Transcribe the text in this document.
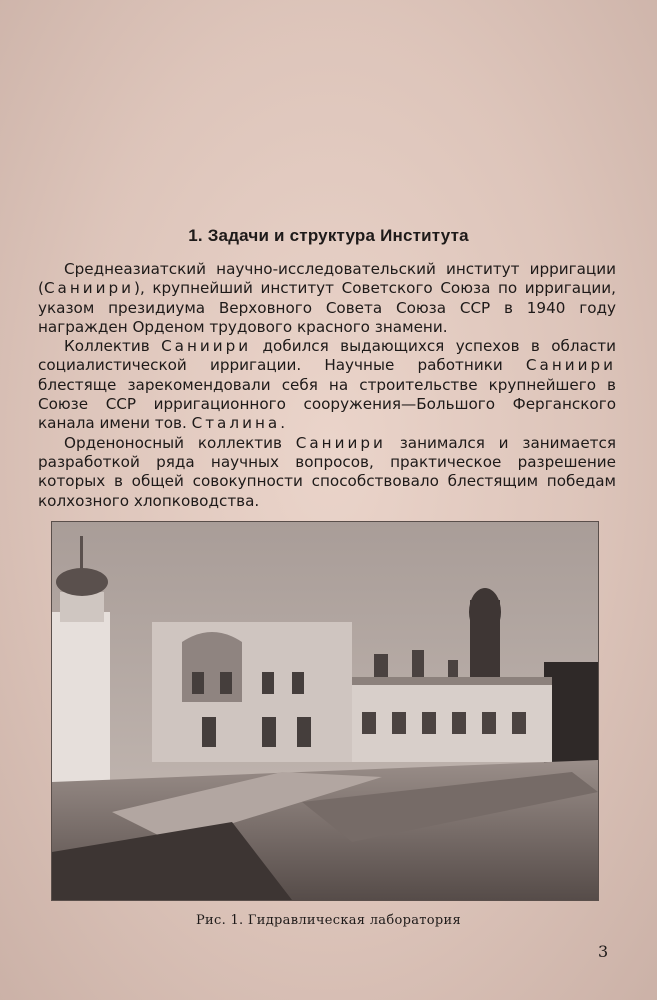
1. Задачи и структура Института

Среднеазиатский научно-исследовательский институт ирригации (Саниири), крупнейший институт Советского Союза по ирригации, указом президиума Верховного Совета Союза ССР в 1940 году награжден Орденом трудового красного знамени.

Коллектив Саниири добился выдающихся успехов в области социалистической ирригации. Научные работники Саниири блестяще зарекомендовали себя на строительстве крупнейшего в Союзе ССР ирригационного сооружения—Большого Ферганского канала имени тов. Сталина.

Орденоносный коллектив Саниири занимался и занимается разработкой ряда научных вопросов, практическое разрешение которых в общей совокупности способствовало блестящим победам колхозного хлопководства.

Рис. 1. Гидравлическая лаборатория

3
